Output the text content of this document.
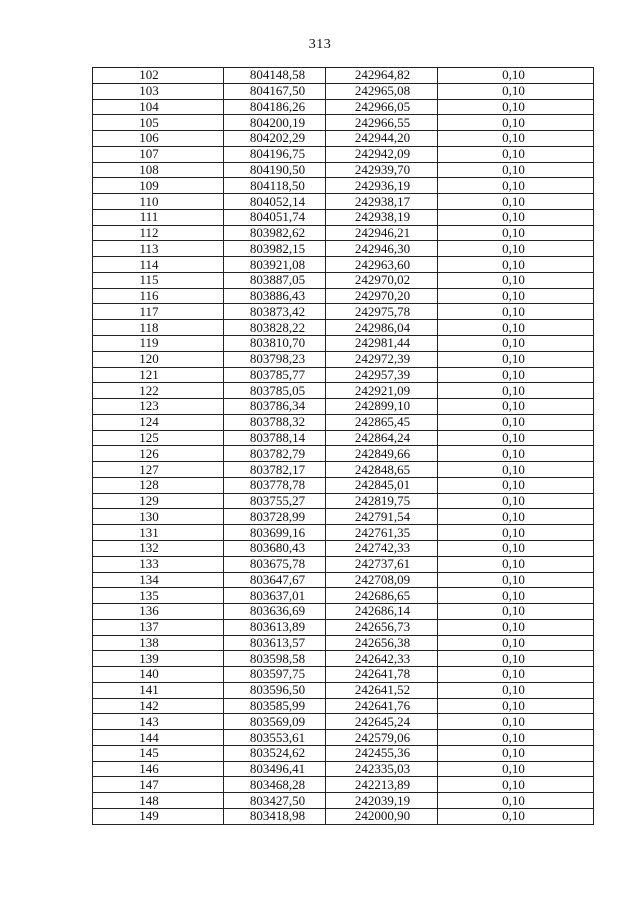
313
102	804148,58	242964,82	0,10
103	804167,50	242965,08	0,10
104	804186,26	242966,05	0,10
105	804200,19	242966,55	0,10
106	804202,29	242944,20	0,10
107	804196,75	242942,09	0,10
108	804190,50	242939,70	0,10
109	804118,50	242936,19	0,10
110	804052,14	242938,17	0,10
111	804051,74	242938,19	0,10
112	803982,62	242946,21	0,10
113	803982,15	242946,30	0,10
114	803921,08	242963,60	0,10
115	803887,05	242970,02	0,10
116	803886,43	242970,20	0,10
117	803873,42	242975,78	0,10
118	803828,22	242986,04	0,10
119	803810,70	242981,44	0,10
120	803798,23	242972,39	0,10
121	803785,77	242957,39	0,10
122	803785,05	242921,09	0,10
123	803786,34	242899,10	0,10
124	803788,32	242865,45	0,10
125	803788,14	242864,24	0,10
126	803782,79	242849,66	0,10
127	803782,17	242848,65	0,10
128	803778,78	242845,01	0,10
129	803755,27	242819,75	0,10
130	803728,99	242791,54	0,10
131	803699,16	242761,35	0,10
132	803680,43	242742,33	0,10
133	803675,78	242737,61	0,10
134	803647,67	242708,09	0,10
135	803637,01	242686,65	0,10
136	803636,69	242686,14	0,10
137	803613,89	242656,73	0,10
138	803613,57	242656,38	0,10
139	803598,58	242642,33	0,10
140	803597,75	242641,78	0,10
141	803596,50	242641,52	0,10
142	803585,99	242641,76	0,10
143	803569,09	242645,24	0,10
144	803553,61	242579,06	0,10
145	803524,62	242455,36	0,10
146	803496,41	242335,03	0,10
147	803468,28	242213,89	0,10
148	803427,50	242039,19	0,10
149	803418,98	242000,90	0,10
